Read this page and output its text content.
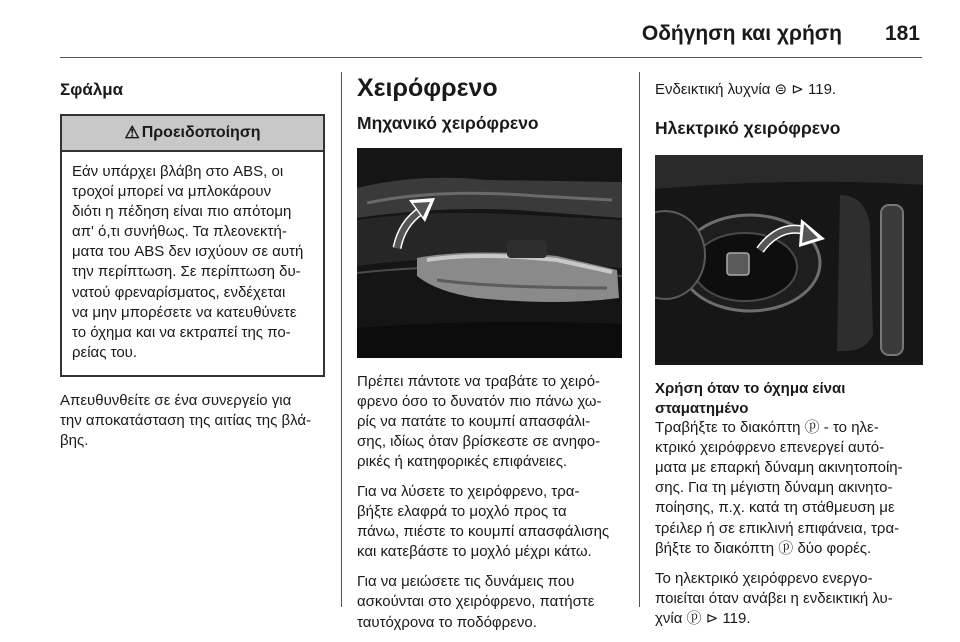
Οδήγηση και χρήση 181
Σφάλμα
⚠ Προειδοποίηση
Εάν υπάρχει βλάβη στο ABS, οι
τροχοί μπορεί να μπλοκάρουν
διότι η πέδηση είναι πιο απότομη
απ' ό,τι συνήθως. Τα πλεονεκτή-
ματα του ABS δεν ισχύουν σε αυτή
την περίπτωση. Σε περίπτωση δυ-
νατού φρεναρίσματος, ενδέχεται
να μην μπορέσετε να κατευθύνετε
το όχημα και να εκτραπεί της πο-
ρείας του.
Απευθυνθείτε σε ένα συνεργείο για
την αποκατάσταση της αιτίας της βλά-
βης.
Χειρόφρενο
Μηχανικό χειρόφρενο
Πρέπει πάντοτε να τραβάτε το χειρό-
φρενο όσο το δυνατόν πιο πάνω χω-
ρίς να πατάτε το κουμπί απασφάλι-
σης, ιδίως όταν βρίσκεστε σε ανηφο-
ρικές ή κατηφορικές επιφάνειες.
Για να λύσετε το χειρόφρενο, τρα-
βήξτε ελαφρά το μοχλό προς τα
πάνω, πιέστε το κουμπί απασφάλισης
και κατεβάστε το μοχλό μέχρι κάτω.
Για να μειώσετε τις δυνάμεις που
ασκούνται στο χειρόφρενο, πατήστε
ταυτόχρονα το ποδόφρενο.
Ενδεικτική λυχνία ⊜ ⊳ 119.
Ηλεκτρικό χειρόφρενο
Χρήση όταν το όχημα είναι
σταματημένο
Τραβήξτε το διακόπτη ⓟ - το ηλε-
κτρικό χειρόφρενο επενεργεί αυτό-
ματα με επαρκή δύναμη ακινητοποίη-
σης. Για τη μέγιστη δύναμη ακινητο-
ποίησης, π.χ. κατά τη στάθμευση με
τρέιλερ ή σε επικλινή επιφάνεια, τρα-
βήξτε το διακόπτη ⓟ δύο φορές.
Το ηλεκτρικό χειρόφρενο ενεργο-
ποιείται όταν ανάβει η ενδεικτική λυ-
χνία ⓟ ⊳ 119.
